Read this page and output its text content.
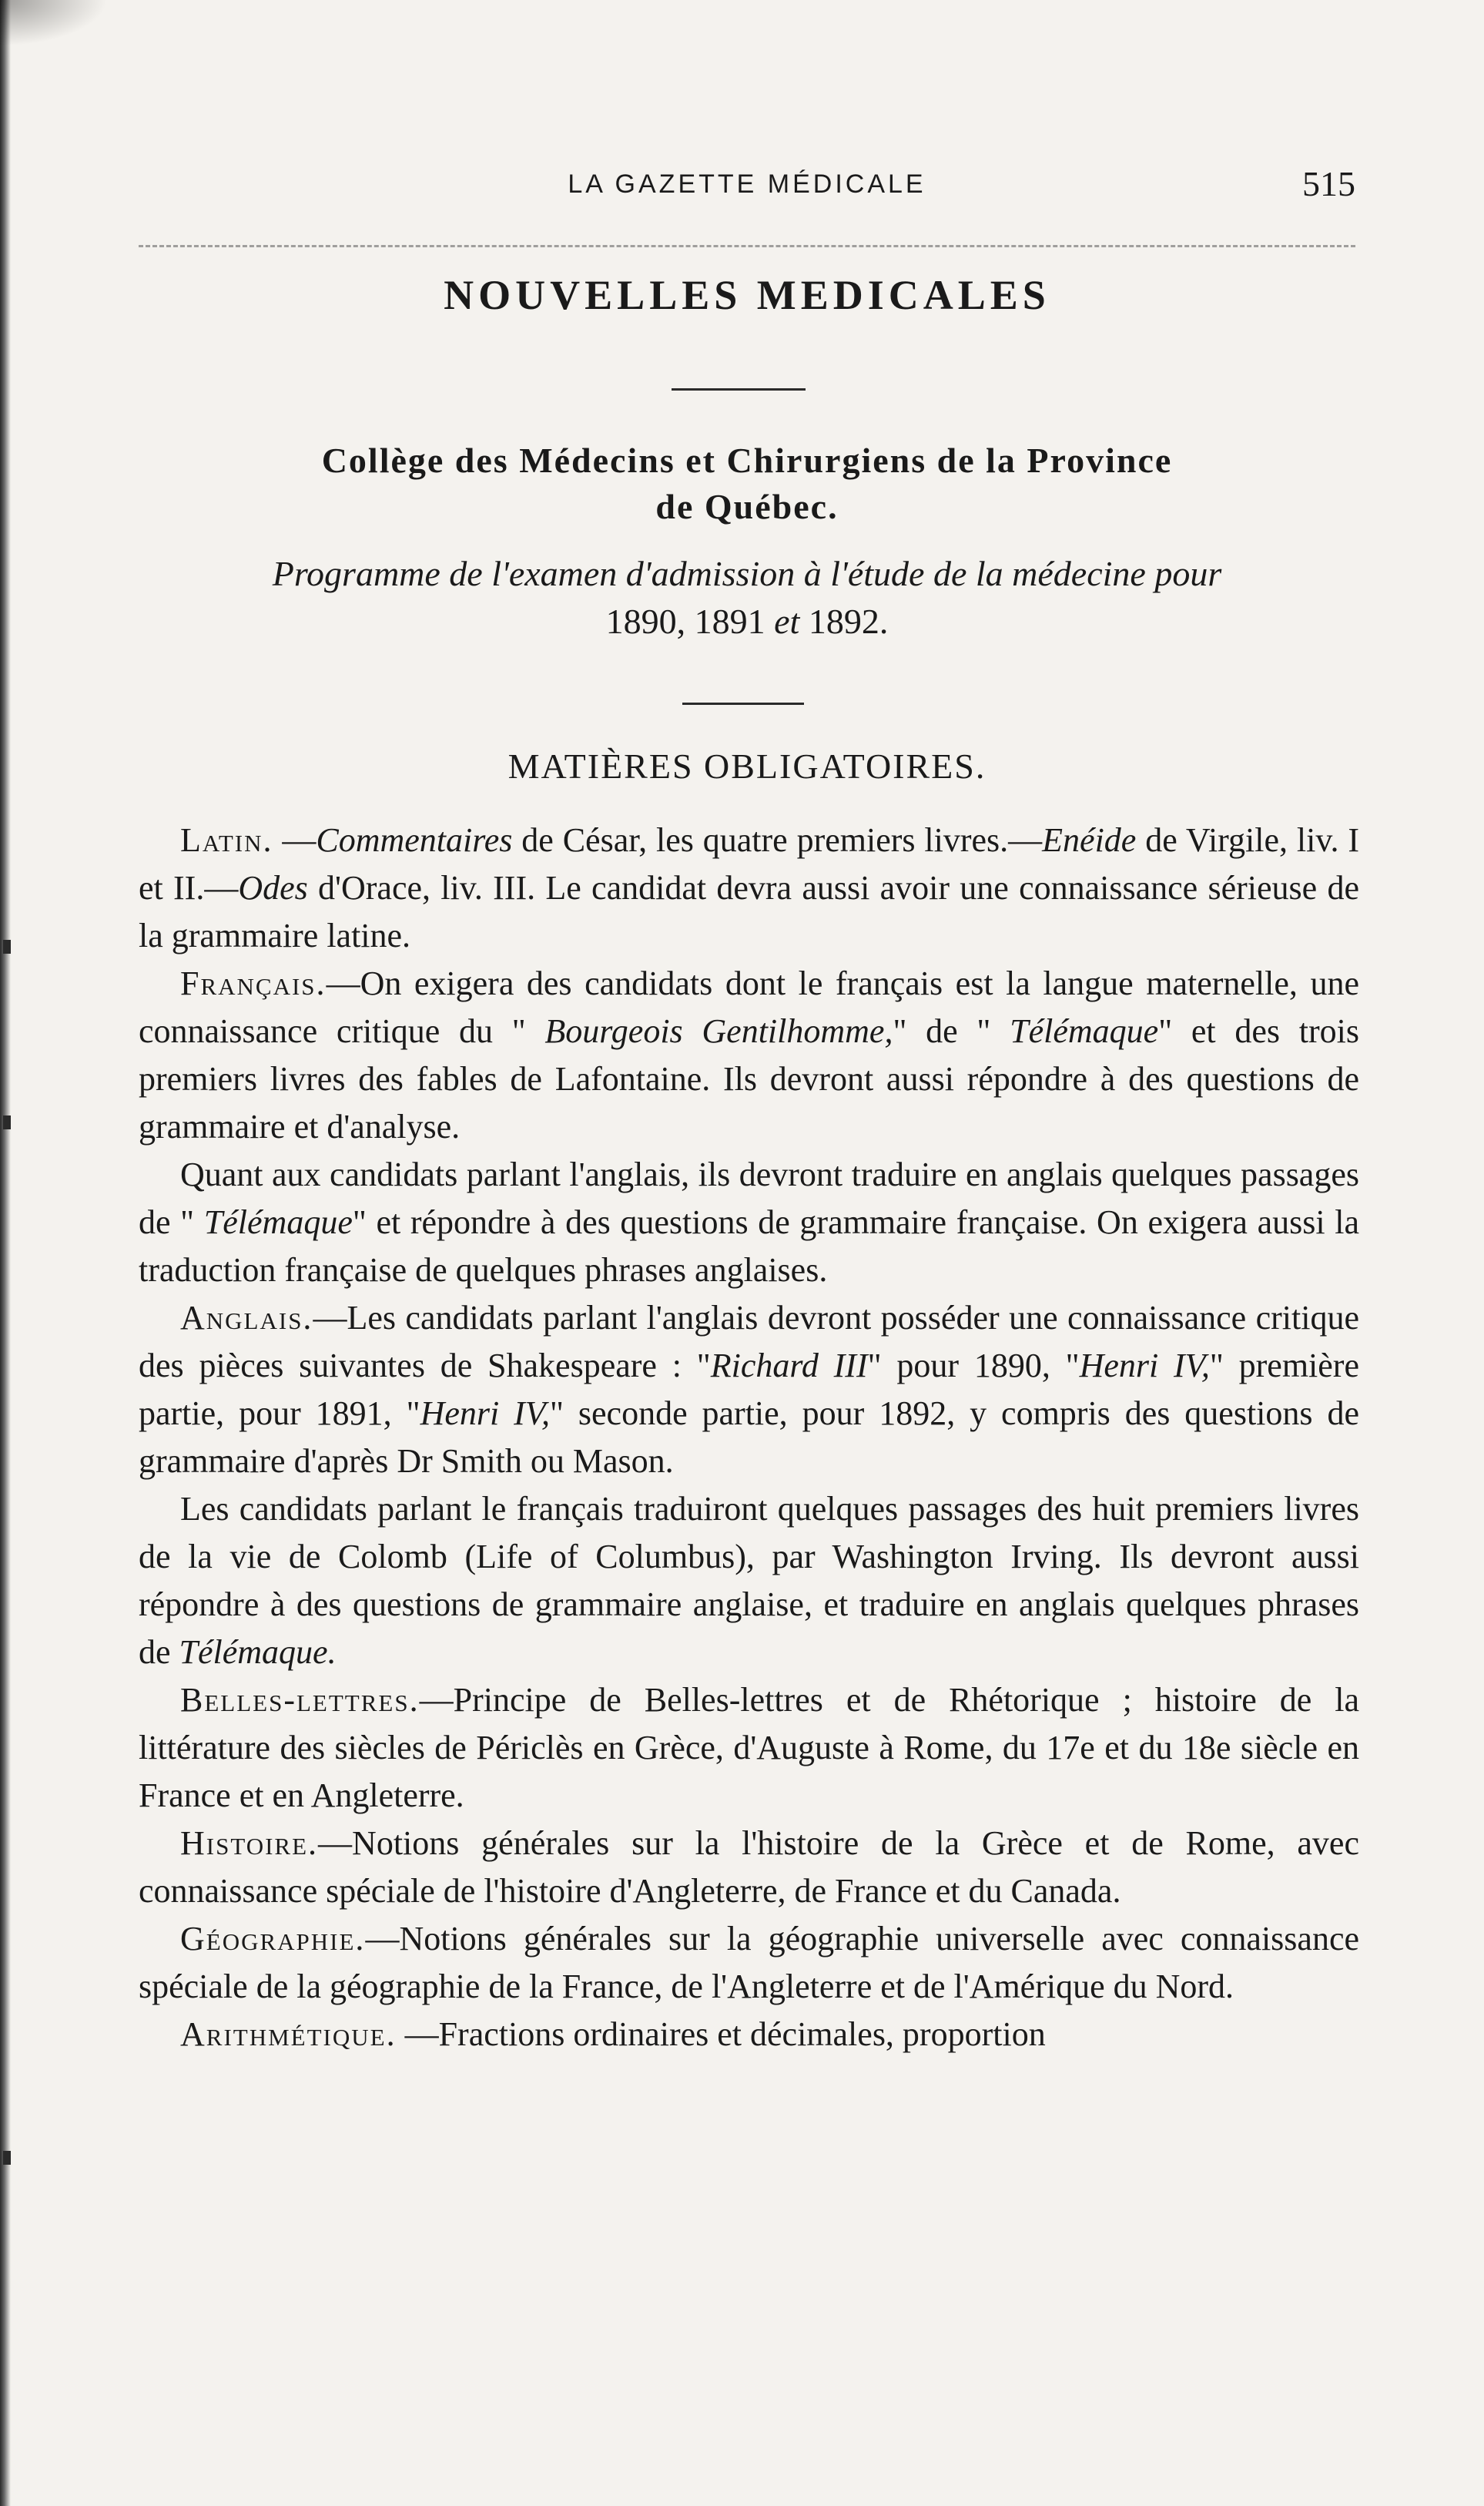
LA GAZETTE MÉDICALE	515
NOUVELLES MEDICALES
Collège des Médecins et Chirurgiens de la Province
de Québec.
Programme de l'examen d'admission à l'étude de la médecine pour
1890, 1891 et 1892.
MATIÈRES OBLIGATOIRES.

Latin. —Commentaires de César, les quatre premiers livres.—Enéide de Virgile, liv. I et II.—Odes d'Orace, liv. III. Le candidat devra aussi avoir une connaissance sérieuse de la grammaire latine.

Français.—On exigera des candidats dont le français est la langue maternelle, une connaissance critique du " Bourgeois Gentilhomme," de " Télémaque" et des trois premiers livres des fables de Lafontaine. Ils devront aussi répondre à des questions de grammaire et d'analyse.

Quant aux candidats parlant l'anglais, ils devront traduire en anglais quelques passages de " Télémaque" et répondre à des questions de grammaire française. On exigera aussi la traduction française de quelques phrases anglaises.

Anglais.—Les candidats parlant l'anglais devront posséder une connaissance critique des pièces suivantes de Shakespeare : "Richard III" pour 1890, "Henri IV," première partie, pour 1891, "Henri IV," seconde partie, pour 1892, y compris des questions de grammaire d'après Dr Smith ou Mason.

Les candidats parlant le français traduiront quelques passages des huit premiers livres de la vie de Colomb (Life of Columbus), par Washington Irving. Ils devront aussi répondre à des questions de grammaire anglaise, et traduire en anglais quelques phrases de Télémaque.

Belles-lettres.—Principe de Belles-lettres et de Rhétorique ; histoire de la littérature des siècles de Périclès en Grèce, d'Auguste à Rome, du 17e et du 18e siècle en France et en Angleterre.

Histoire.—Notions générales sur la l'histoire de la Grèce et de Rome, avec connaissance spéciale de l'histoire d'Angleterre, de France et du Canada.

Géographie.—Notions générales sur la géographie universelle avec connaissance spéciale de la géographie de la France, de l'Angleterre et de l'Amérique du Nord.

Arithmétique. —Fractions ordinaires et décimales, proportion
